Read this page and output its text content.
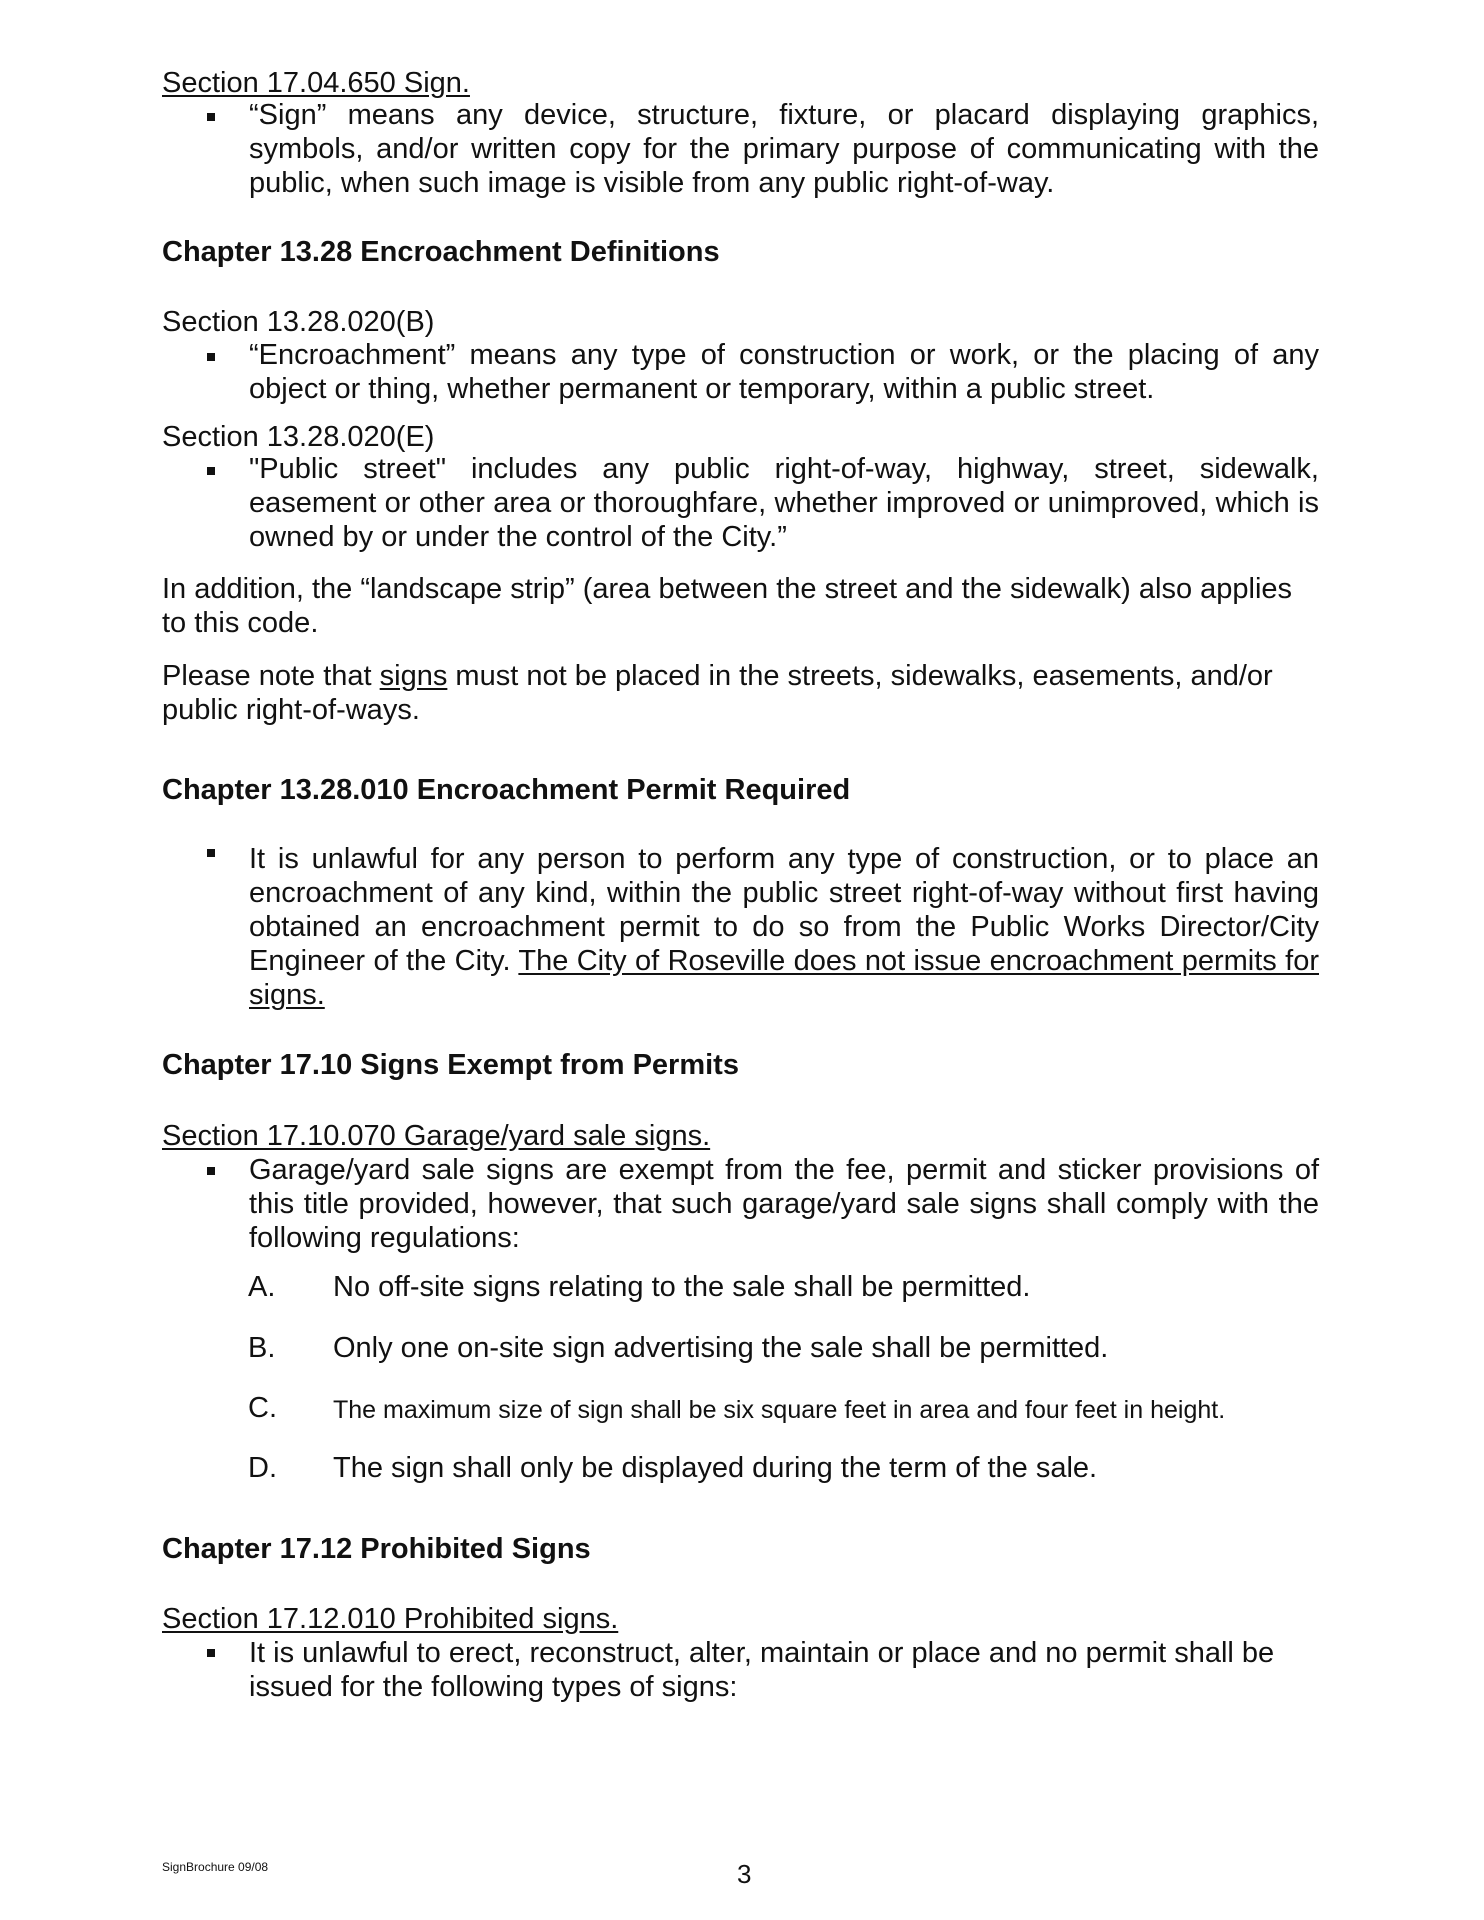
Section 17.04.650 Sign.
“Sign” means any device, structure, fixture, or placard displaying graphics, symbols, and/or written copy for the primary purpose of communicating with the public, when such image is visible from any public right-of-way.
Chapter 13.28 Encroachment Definitions
Section 13.28.020(B)
“Encroachment” means any type of construction or work, or the placing of any object or thing, whether permanent or temporary, within a public street.
Section 13.28.020(E)
"Public street" includes any public right-of-way, highway, street, sidewalk, easement or other area or thoroughfare, whether improved or unimproved, which is owned by or under the control of the City.”
In addition, the “landscape strip” (area between the street and the sidewalk) also applies to this code.
Please note that signs must not be placed in the streets, sidewalks, easements, and/or public right-of-ways.
Chapter 13.28.010 Encroachment Permit Required
It is unlawful for any person to perform any type of construction, or to place an encroachment of any kind, within the public street right-of-way without first having obtained an encroachment permit to do so from the Public Works Director/City Engineer of the City. The City of Roseville does not issue encroachment permits for signs.
Chapter 17.10 Signs Exempt from Permits
Section 17.10.070 Garage/yard sale signs.
Garage/yard sale signs are exempt from the fee, permit and sticker provisions of this title provided, however, that such garage/yard sale signs shall comply with the following regulations:
A. No off-site signs relating to the sale shall be permitted.
B. Only one on-site sign advertising the sale shall be permitted.
C. The maximum size of sign shall be six square feet in area and four feet in height.
D. The sign shall only be displayed during the term of the sale.
Chapter 17.12 Prohibited Signs
Section 17.12.010 Prohibited signs.
It is unlawful to erect, reconstruct, alter, maintain or place and no permit shall be issued for the following types of signs:
SignBrochure 09/08	3
